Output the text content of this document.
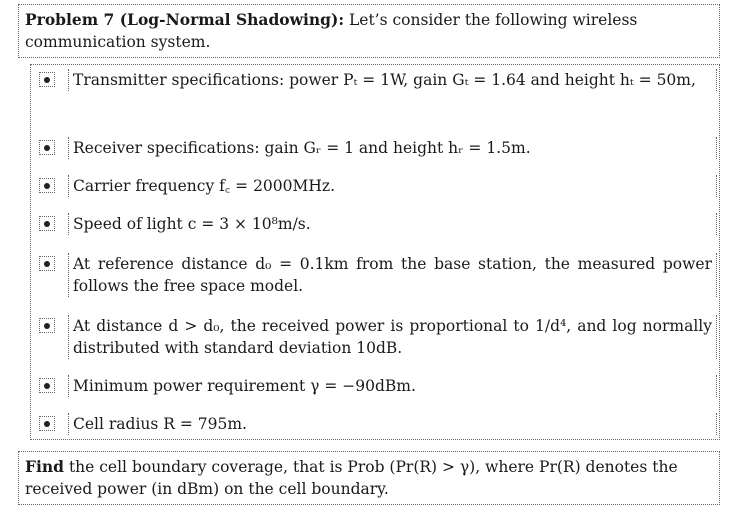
Problem 7 (Log-Normal Shadowing): Let’s consider the following wireless communication system.
Transmitter specifications: power Pₜ = 1W, gain Gₜ = 1.64 and height hₜ = 50m,
Receiver specifications: gain Gᵣ = 1 and height hᵣ = 1.5m.
Carrier frequency f꜀ = 2000MHz.
Speed of light c = 3 × 10⁸m/s.
At reference distance d₀ = 0.1km from the base station, the measured power follows the free space model.
At distance d > d₀, the received power is proportional to 1/d⁴, and log normally distributed with standard deviation 10dB.
Minimum power requirement γ = −90dBm.
Cell radius R = 795m.
Find the cell boundary coverage, that is Prob (Pr(R) > γ), where Pr(R) denotes the received power (in dBm) on the cell boundary.
